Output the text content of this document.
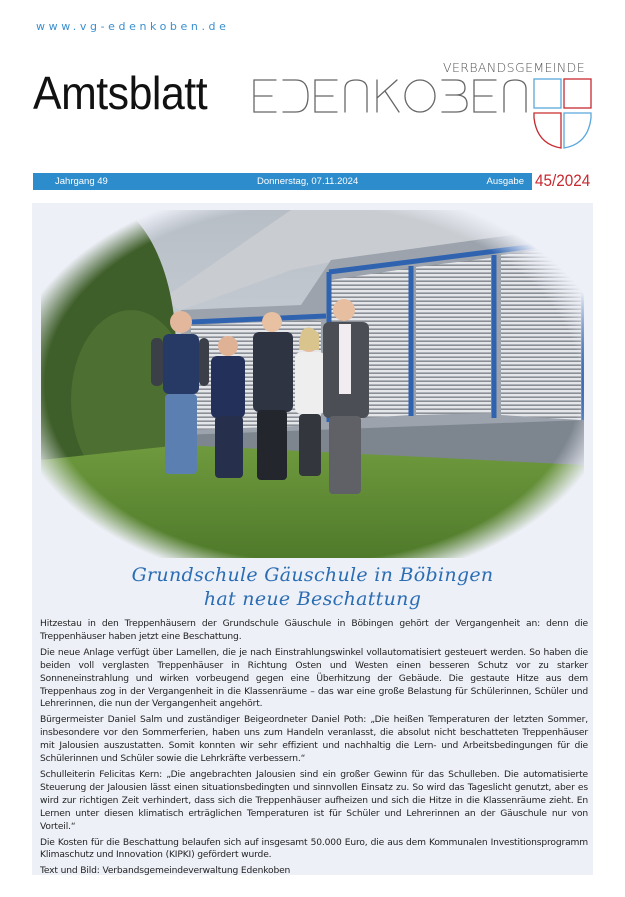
www.vg-edenkoben.de
Amtsblatt	VERBANDSGEMEINDE
Jahrgang 49	Donnerstag, 07.11.2024	Ausgabe 45/2024
Grundschule Gäuschule in Böbingen
hat neue Beschattung

Hitzestau in den Treppenhäusern der Grundschule Gäuschule in Böbingen gehört der Vergangenheit an: denn die Treppenhäuser haben jetzt eine Beschattung.

Die neue Anlage verfügt über Lamellen, die je nach Einstrahlungswinkel vollautomatisiert gesteuert werden. So haben die beiden voll verglasten Treppenhäuser in Richtung Osten und Westen einen besseren Schutz vor zu starker Sonneneinstrahlung und wirken vorbeugend gegen eine Überhitzung der Gebäude. Die gestaute Hitze aus dem Treppenhaus zog in der Vergangenheit in die Klassenräume – das war eine große Belastung für Schülerinnen, Schüler und Lehrerinnen, die nun der Vergangenheit angehört.

Bürgermeister Daniel Salm und zuständiger Beigeordneter Daniel Poth: „Die heißen Temperaturen der letzten Sommer, insbesondere vor den Sommerferien, haben uns zum Handeln veranlasst, die absolut nicht beschatteten Treppenhäuser mit Jalousien auszustatten. Somit konnten wir sehr effizient und nachhaltig die Lern- und Arbeitsbedingungen für die Schülerinnen und Schüler sowie die Lehrkräfte verbessern.“

Schulleiterin Felicitas Kern: „Die angebrachten Jalousien sind ein großer Gewinn für das Schulleben. Die automatisierte Steuerung der Jalousien lässt einen situationsbedingten und sinnvollen Einsatz zu. So wird das Tageslicht genutzt, aber es wird zur richtigen Zeit verhindert, dass sich die Treppenhäuser aufheizen und sich die Hitze in die Klassenräume zieht. En Lernen unter diesen klimatisch erträglichen Temperaturen ist für Schüler und Lehrerinnen an der Gäuschule nur von Vorteil.“

Die Kosten für die Beschattung belaufen sich auf insgesamt 50.000 Euro, die aus dem Kommunalen Investitionsprogramm Klimaschutz und Innovation (KIPKI) gefördert wurde.

Text und Bild: Verbandsgemeindeverwaltung Edenkoben
